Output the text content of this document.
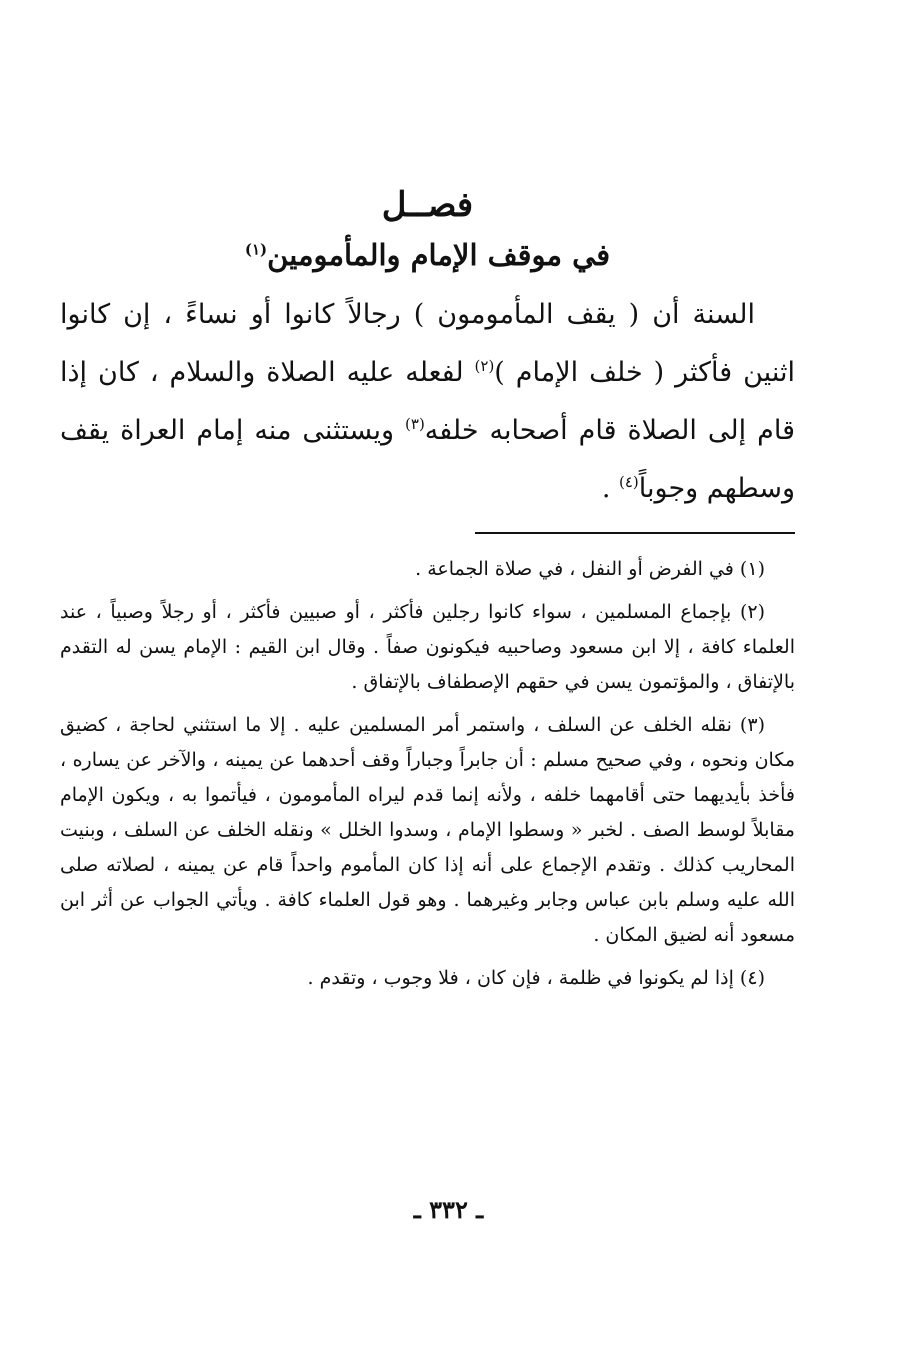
فصــل
في موقف الإمام والمأمومين$^{(١)}$

السنة أن ( يقف المأمومون ) رجالاً كانوا أو نساءً ، إن كانوا اثنين فأكثر ( خلف الإمام )$^{(٢)}$ لفعله عليه الصلاة والسلام ، كان إذا قام إلى الصلاة قام أصحابه خلفه$^{(٣)}$ ويستثنى منه إمام العراة يقف وسطهم وجوباً$^{(٤)}$ .

(١) في الفرض أو النفل ، في صلاة الجماعة .

(٢) بإجماع المسلمين ، سواء كانوا رجلين فأكثر ، أو صبيين فأكثر ، أو رجلاً وصبياً ، عند العلماء كافة ، إلا ابن مسعود وصاحبيه فيكونون صفاً . وقال ابن القيم : الإمام يسن له التقدم بالإتفاق ، والمؤتمون يسن في حقهم الإصطفاف بالإتفاق .

(٣) نقله الخلف عن السلف ، واستمر أمر المسلمين عليه . إلا ما استثني لحاجة ، كضيق مكان ونحوه ، وفي صحيح مسلم : أن جابراً وجباراً وقف أحدهما عن يمينه ، والآخر عن يساره ، فأخذ بأيديهما حتى أقامهما خلفه ، ولأنه إنما قدم ليراه المأمومون ، فيأتموا به ، ويكون الإمام مقابلاً لوسط الصف . لخبر « وسطوا الإمام ، وسدوا الخلل » ونقله الخلف عن السلف ، وبنيت المحاريب كذلك . وتقدم الإجماع على أنه إذا كان المأموم واحداً قام عن يمينه ، لصلاته صلى الله عليه وسلم بابن عباس وجابر وغيرهما . وهو قول العلماء كافة . ويأتي الجواب عن أثر ابن مسعود أنه لضيق المكان .

(٤) إذا لم يكونوا في ظلمة ، فإن كان ، فلا وجوب ، وتقدم .

ـ ٣٣٢ ـ
